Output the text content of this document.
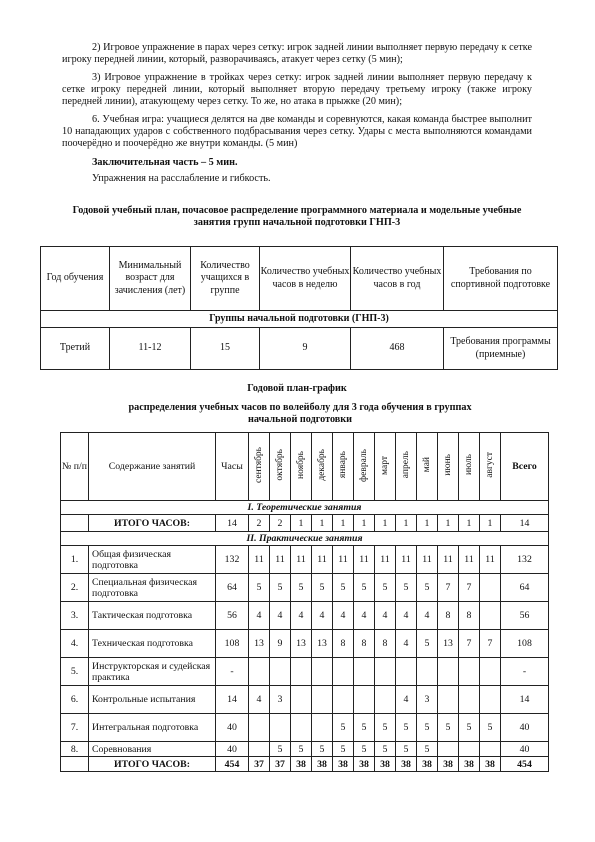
2) Игровое упражнение в парах через сетку: игрок задней линии выполняет первую передачу к сетке игроку передней линии, который, разворачиваясь, атакует через сетку (5 мин);
3) Игровое упражнение в тройках через сетку: игрок задней линии выполняет первую передачу к сетке игроку передней линии, который выполняет вторую передачу третьему игроку (также игроку передней линии), атакующему через сетку. То же, но атака в прыжке (20 мин);
6. Учебная игра: учащиеся делятся на две команды и соревнуются, какая команда быстрее выполнит 10 нападающих ударов с собственного подбрасывания через сетку. Удары с места выполняются командами поочерёдно и поочерёдно же внутри команды. (5 мин)
Заключительная часть – 5 мин.
Упражнения на расслабление и гибкость.
Годовой учебный план, почасовое распределение программного материала и модельные учебные занятия групп начальной подготовки ГНП-3
Год обучения	Минимальный возраст для зачисления (лет)	Количество учащихся в группе	Количество учебных часов в неделю	Количество учебных часов в год	Требования по спортивной подготовке
Группы начальной подготовки (ГНП-3)					
Третий	11-12	15	9	468	Требования программы (приемные)
Годовой план-график
распределения учебных часов по волейболу для 3 года обучения в группах начальной подготовки
№ п/п	Содержание занятий	Часы	сентябрь	октябрь	ноябрь	декабрь	январь	февраль	март	апрель	май	июнь	июль	август	Всего
I. Теоретические занятия															
	ИТОГО ЧАСОВ:	14	2	2	1	1	1	1	1	1	1	1	1	1	14
II. Практические занятия															
1.	Общая физическая подготовка	132	11	11	11	11	11	11	11	11	11	11	11	11	132
2.	Специальная физическая подготовка	64	5	5	5	5	5	5	5	5	5	7	7		64
3.	Тактическая подготовка	56	4	4	4	4	4	4	4	4	4	8	8		56
4.	Техническая подготовка	108	13	9	13	13	8	8	8	4	5	13	7	7	108
5.	Инструкторская и судейская практика	-													-
6.	Контрольные испытания	14	4	3						4	3				14
7.	Интегральная подготовка	40					5	5	5	5	5	5	5	5	40
8.	Соревнования	40		5	5	5	5	5	5	5	5				40
	ИТОГО ЧАСОВ:	454	37	37	38	38	38	38	38	38	38	38	38	38	454
